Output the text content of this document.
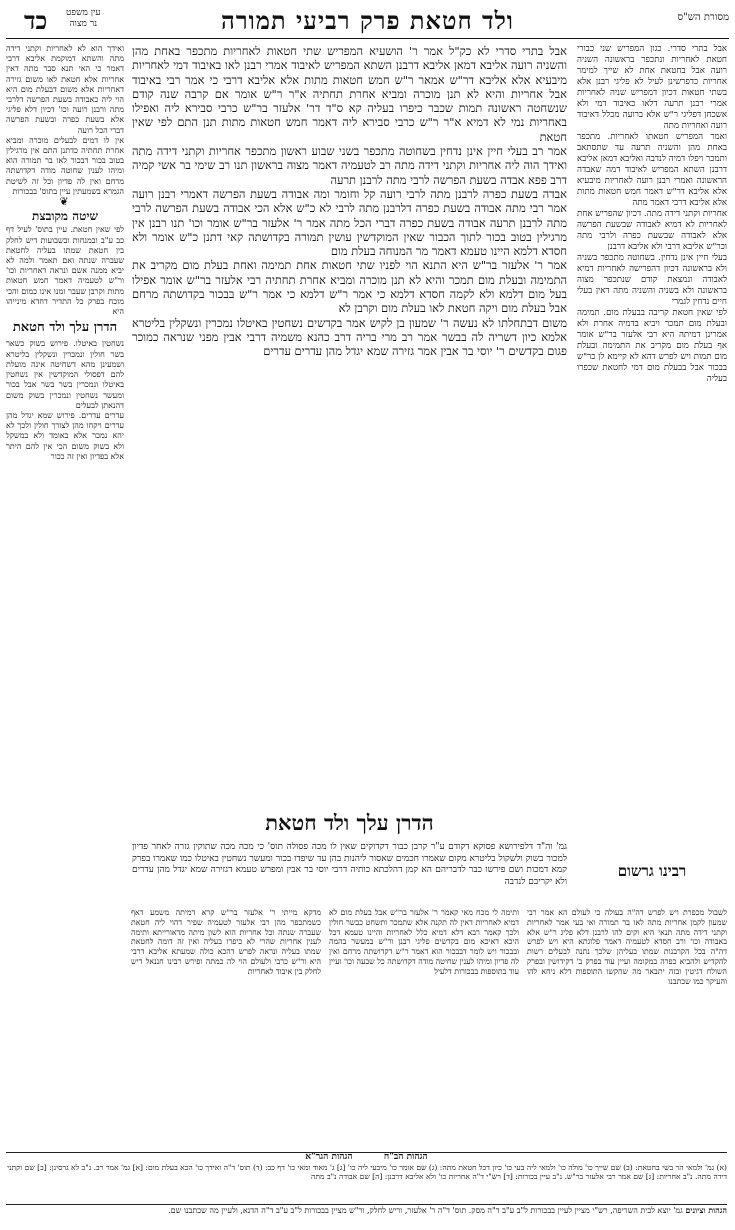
מסורת הש"ס
ולד חטאת פרק רביעי תמורה
עין משפט
נר מצוה
כד

אבל בתרי סדרי. כגון המפריש שני כבורי חטאת לאחריות ונתכפר בראשונה השניה רועה אבל בחטאת אחת לא שייך למימר אחריות כדפרשינן לעיל לא פליגי רבנן אלא בשתי חטאות דכיון דמפריש שניה לאחריות אמרי רבנן תרעה דלאו כאיבוד דמי ולא אשכחן דפליגי ר"ש אלא ברועה מכלל דאיבוד רועה ואחריות מתה

ואמר המפריש חטאתו לאחריות. מתכפר באחת מהן והשניה תרעה עד שתסתאב ותמכר ויפלו דמיה לנדבה ואליבא דמאן אליבא דרבנן השתא המפריש לאיבוד דמה שאבדה הראשונה ואמרי רבנן רועה לאחריות מיבעיא אלא אליבא דר"ש דאמר חמש חטאות מתות אלא אליבא דרבי דאמר מתה

אחריות וקתני דידה מתה. דכיון שהפריש אחת לאחריות לא דמיא לאבודה שבשעת הפרשה אלא לאבודה שבשעת כפרה ולרבי מתה וכר"ש אליבא דרבי ולא אליבא דרבנן

בעלי חיין אינן נדחין. בשחוטה מתכפר בשניה ולא בראשונה דכיון דהפרישה לאחריות דמיא לאבודה ונמצאת קודם שנתכפר מצוה בראשונה ולא בשניה והשניה מתה דאין בעלי חיים נדחין לגמרי

לפי שאין חטאת קריבה בבעלת מום. תמימה ובעלת מום תמכר ויביא בדמיה אחרת ולא אמרינן דמיתה היא רבי אלעזר בר"ש אומר אף בעלת מום מקריב את התמימה ובעלת מום תמות ויש לפרש דהא לא קיימא לן כר"ש בבכור אבל בבעלת מום דמי לחטאת שכפרו בעליה

אבל בתרי סדרי לא כק"ל אמר ר' הושעיא המפריש שתי חטאות לאחריות מתכפר באחת מהן והשניה רועה אליבא דמאן אליבא דרבנן השתא המפריש לאיבוד אמרי רבנן לאו באיבוד דמי לאחריות מיבעיא אלא אליבא דר"ש אמאר ר"ש חמש חטאות מתות אלא אליבא דרבי כי אמר רבי באיבוד אבל אחריות והיא לא תנן מוכרה ומביא אחרת תחתיה א"ר ר"ש אומר אם קרבה שנה קודם שנשחטה ראשונה תמות שכבר כיפרו בעליה קא ס"ד דר' אלעזר בר"ש כרבי סבירא ליה ואפילו באחריות נמי לא דמיא א"ר ר"ש כרבי סבירא ליה דאמר חמש חטאות מתות תנן התם לפי שאין חטאת

אמר רב בעלי חיין אינן נדחין בשחוטה מתכפר בשני שבוע ראשון מתכפר אחריות וקתני דידה מתה ואידך הוה ליה אחריות וקתני דידה מתה רב לטעמיה דאמר מצוה בראשון תנו רב שימי בר אשי קמיה דרב פפא אבדה בשעת הפרשה לרבי מתה לרבנן תרעה

אבדה בשעת כפרה לרבנן מתה לרבי רועה קל וחומר ומה אבודה בשעת הפרשה דאמרי רבנן רועה אמר רבי מתה אבודה בשעת כפרה דלרבנן מתה לרבי לא כ"ש אלא הכי אבודה בשעת הפרשה לרבי מתה לרבנן תרעה אבודה בשעת כפרה דברי הכל מתה אמר ר' אלעזר בר"ש אומר וכו' תנו רבנן אין מרגילין בטוב בכור לתוך הכבור שאין המוקדשין עושין תמורה בקדושתה קאי דתנן כ"ש אומר ולא חסדא דלמא היינו טעמא דאמר מר המנוחה בעלת מום

אמר ר' אלעזר בר"ש היא התנא הוי לפניו שתי חטאות אחת תמימה ואחת בעלת מום מקריב את התמימה ובעלת מום תמכר והיא לא תנן מוכרה ומביא אחרת תחתיה רבי אלעזר בר"ש אומר אפילו בעל מום דלמא ולא לקמה חסדא דלמא כי אמר ר"ש דלמא כי אמר ר"ש בבכור בקדושתה מרחם אבל בעלת מום ויקה חטאת לאו בעלת מום וקרבן לא

משום דבתחלתו לא נעשה ר' שמעון בן לקיש אמר בקדשים נשחטין באיטלו נמכרין ונשקלין בליטרא אלמא כיון דשריה לה בבשר אמר רב מרי בריה דרב כהנא משמיה דרבי אבין מפני שנראה כמוכר פגום בקדשים ר' יוסי בר אבין אמר גזירה שמא יגדל מהן עדרים עדרים

הדרן עלך ולד חטאת
גמ' וה"ד דלפירושא פסוקא דקודם ע"ר קרבן כבור דקדוקים שאין לו מכה פסולה תוס' כי מכה מכה שתוקין גזרה לאחר פדיון למכור בשוק ולשקול בליטרא מקום שאמרו חכמים שאסור ליהנות בהן עד שיפדו בכור ומעשר נשחטין באיטלו כמו שאמרו בפרק קמא דמכות ושם פירשו כבר לדבריהם הא קמן דהלכתא כותיה דרבי יוסי בר אבין ומפרש טעמא דגזירה שמא יגדל מהן עדרים ולא יקריבם לנדבה
רבינו גרשום

ואידך הוא לא לאחריות וקתני דידה מתה והשתא דמוקמת אליבא דרבי דאמר כי האי תנא סבר מתה דאין אחריות אלא חטאת לאו משום גזירה דאחריות אלא משום דבעלת מום היא הוי ליה כאבודה בשעת הפרשה דלרבי מתה ורבנן רועה וכו' דכיון דלא פליגי אלא בשעת כפרה ובשעת הפרשה דברי הכל רועה

אין לו דמים לבעלים מוכרה ומביא אחרת תחתיה כדתנן התם אין מרגילין בטוב בכור דבכור לאו בר תמורה הוא ומיהו לענין שחוטה מודה דקדושתה מרחם ואין לה פדיון וכל זה לשיטת הגמרא בשמעתין עיין בתוס' בבכורות

❦
שיטה מקובצת

לפי שאין חטאת. עיין בתוס' לעיל דף כב ע"ב ובמנחות ובשבועות דיש לחלק בין חטאת שמתו בעליה לחטאת שעברה שנתה ואם תאמר ולמה לא יביא ממנה אשם ונראה דאחריות וכו' ור"ש לטעמיה דאמר חמש חטאות מתות וקרבן שעבר זמנו אינו כמום והכי מוכח בפרק כל התדיר דחדא מינייהו היא

הדרן עלך ולד חטאת

נשחטין באיטלו. פירוש בשוק כשאר בשר חולין ונמכרין ונשקלין בליטרא ושמעינן מהא דשחיטה אינה מועלת להם דפסולי המוקדשין אין נשחטין באיטלו ונמכרין בשר בשר אבל בכור ומעשר נשחטין ונמכרין בשוק משום דהנאתן לבעלים

עדרים עדרים. פירוש שמא יגדל מהן עדרים ויקחו מהן לצורך חולין ולכך לא יהא נמכר אלא באומד ולא במשקל ולא בשוק משום הכי אין להם היתר אלא בפדיון ואין זה ככור

לשבול מכפרת ויש לפרש דה"ה בעולה כי לעולם הא אמר רבי שמעון לקמן אחריות מתה לאו בר תמורה ואי בעי אמר לאחריות וקתני דידה מתה תנאי היא וקים להו לרבנן דלא פליג ר"ש אלא באבודה וכו' ורב חסדא לטעמיה דאמר פלוגתא היא ויש לפרש דה"ה בכל הקרבנות שמתו בעליהן שלכך נתנה לבעלים רשות להקדיש ולהביא כפרה במקומה ועיין עוד בפרק ב' דקידושין ובפרק השולח דגיטין ובזה יתבאר מה שהקשו התוספות דלא ניחא להו והעיקר כמו שכתבנו
ותימה לי מכח מאי קאמר ר' אלעזר בר"ש אבל בעלת מום לא דמיא לאחריות דאין לה תקנה אלא שתמכר ותשחט כבשר חולין ולכך קאמר רבא דלא דמיא כלל לאחריות והיינו טעמא דכל היכא דאיכא מום בקדשים פליגי רבנן ור"ש במעשר בהמה ובבכור ויש לומר דבבכור הוא דאמר ר"ש דקדושתה מרחם ואין לה פדיון ומיהו לענין שחיטה מודה דקדושתה כל שבעה וכו' ועיין עוד בתוספות בבכורות דלעיל
מדקא מייתי ר' אלעזר בר"ש קרא דמיתה משמע דאף כשמתכפר מהן רבי אלעזר לטעמיה שפיר דהוי ליה חטאת שעברה שנתה וכל אחריות הוא לשון מיתה מדאורייתא ותימה לענין אחריות שהרי לא כיפרו בעליה ואין זה דומה לחטאת שמתו בעליה ונראה לפרש דהכא כולה שמעתא אליבא דרבי היא ור"ש כרבי ולעולם הוי לה כמתה ופירש רבינו חננאל דיש לחלק בין איבוד לאחריות
הגהות הב"ח          הגהות הגר"א
(א) גמ' ולמאי הר בשי בחטאת: (ב) שם שייך כו' מולה כו' ולמאי ליה בעי כו' כיון דכל חטאת מתה: (ג) שם אומר כו' מיבעי ליה כו' [ג] ג' מאוד ומאי כו' דף כב: (ד) תוס' ד"ה ואידך כו' הכא בעלת מום: [א] גמ' אמר רב. נ"ב לא גרסינן: [ב] שם וקתני דידה מתה. נ"ב אחריות: [ג] שם אמר רבי אלעזר בר"ש. נ"ב עיין בכורות: [ד] רש"י ד"ה אחריות כו' ולא אליבא דרבנן: [ה] שם אבודה נ"ב מתה
הגהות וציונים גמ' יוצא לבית השריפה, רש"י מציין לעיין בבכורות ל"ב ע"ב ד"ה מסק. תוס' ד"ה ר' אלעזר, וריש לחלק, ור"ש מציין בבכורות ל"ב ע"ב ד"ה הדנא, ולעיין מה שכתבנו שם.
